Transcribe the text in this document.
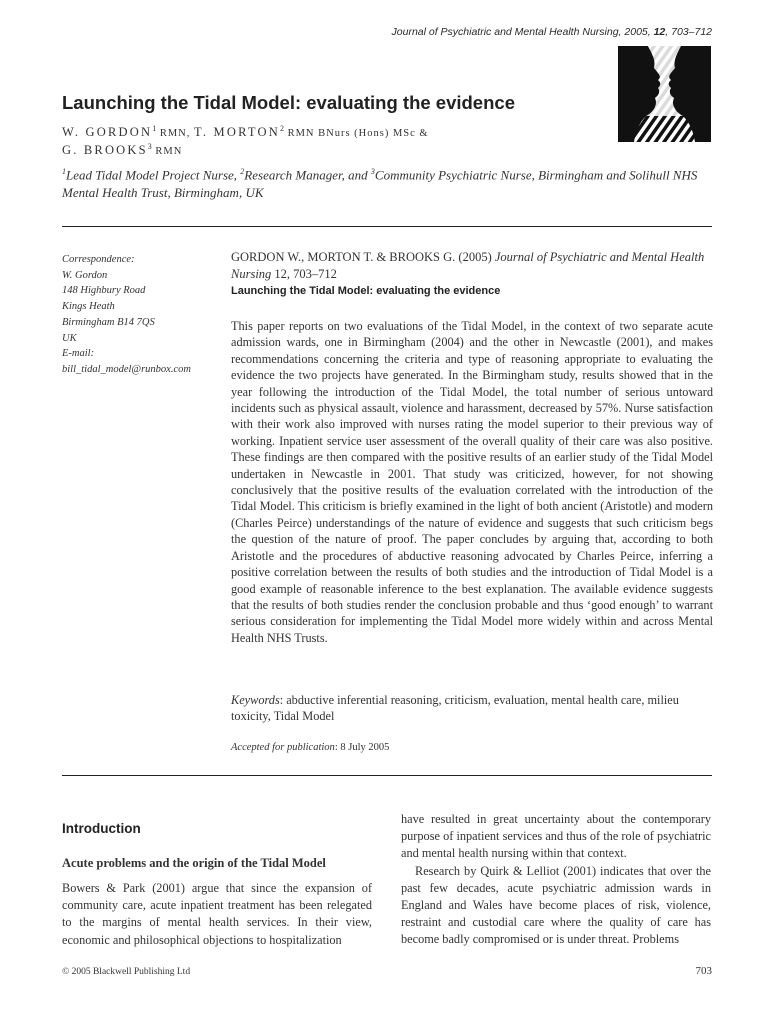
Journal of Psychiatric and Mental Health Nursing, 2005, 12, 703–712
Launching the Tidal Model: evaluating the evidence
W. GORDON$^1$ RMN, T. MORTON$^2$ RMN BNurs (Hons) MSc &
G. BROOKS$^3$ RMN
$^1$Lead Tidal Model Project Nurse, $^2$Research Manager, and $^3$Community Psychiatric Nurse, Birmingham and Solihull NHS Mental Health Trust, Birmingham, UK
Correspondence:
W. Gordon
148 Highbury Road
Kings Heath
Birmingham B14 7QS
UK
E-mail:
bill_tidal_model@runbox.com
GORDON W., MORTON T. & BROOKS G. (2005) Journal of Psychiatric and Mental Health Nursing 12, 703–712
Launching the Tidal Model: evaluating the evidence
This paper reports on two evaluations of the Tidal Model, in the context of two separate acute admission wards, one in Birmingham (2004) and the other in Newcastle (2001), and makes recommendations concerning the criteria and type of reasoning appropriate to evaluating the evidence the two projects have generated. In the Birmingham study, results showed that in the year following the introduction of the Tidal Model, the total number of serious untoward incidents such as physical assault, violence and harassment, decreased by 57%. Nurse satisfaction with their work also improved with nurses rating the model superior to their previous way of working. Inpatient service user assessment of the overall quality of their care was also positive. These findings are then compared with the positive results of an earlier study of the Tidal Model undertaken in Newcastle in 2001. That study was criticized, however, for not showing conclusively that the positive results of the evaluation correlated with the introduction of the Tidal Model. This criticism is briefly examined in the light of both ancient (Aristotle) and modern (Charles Peirce) understandings of the nature of evidence and suggests that such criticism begs the question of the nature of proof. The paper concludes by arguing that, according to both Aristotle and the procedures of abductive reasoning advocated by Charles Peirce, inferring a positive correlation between the results of both studies and the introduction of Tidal Model is a good example of reasonable inference to the best explanation. The available evidence suggests that the results of both studies render the conclusion probable and thus ‘good enough’ to warrant serious consideration for implementing the Tidal Model more widely within and across Mental Health NHS Trusts.
Keywords: abductive inferential reasoning, criticism, evaluation, mental health care, milieu toxicity, Tidal Model
Accepted for publication: 8 July 2005
Introduction
Acute problems and the origin of the Tidal Model
Bowers & Park (2001) argue that since the expansion of community care, acute inpatient treatment has been relegated to the margins of mental health services. In their view, economic and philosophical objections to hospitalization
have resulted in great uncertainty about the contemporary purpose of inpatient services and thus of the role of psychiatric and mental health nursing within that context.
Research by Quirk & Lelliot (2001) indicates that over the past few decades, acute psychiatric admission wards in England and Wales have become places of risk, violence, restraint and custodial care where the quality of care has become badly compromised or is under threat. Problems
© 2005 Blackwell Publishing Ltd	703
